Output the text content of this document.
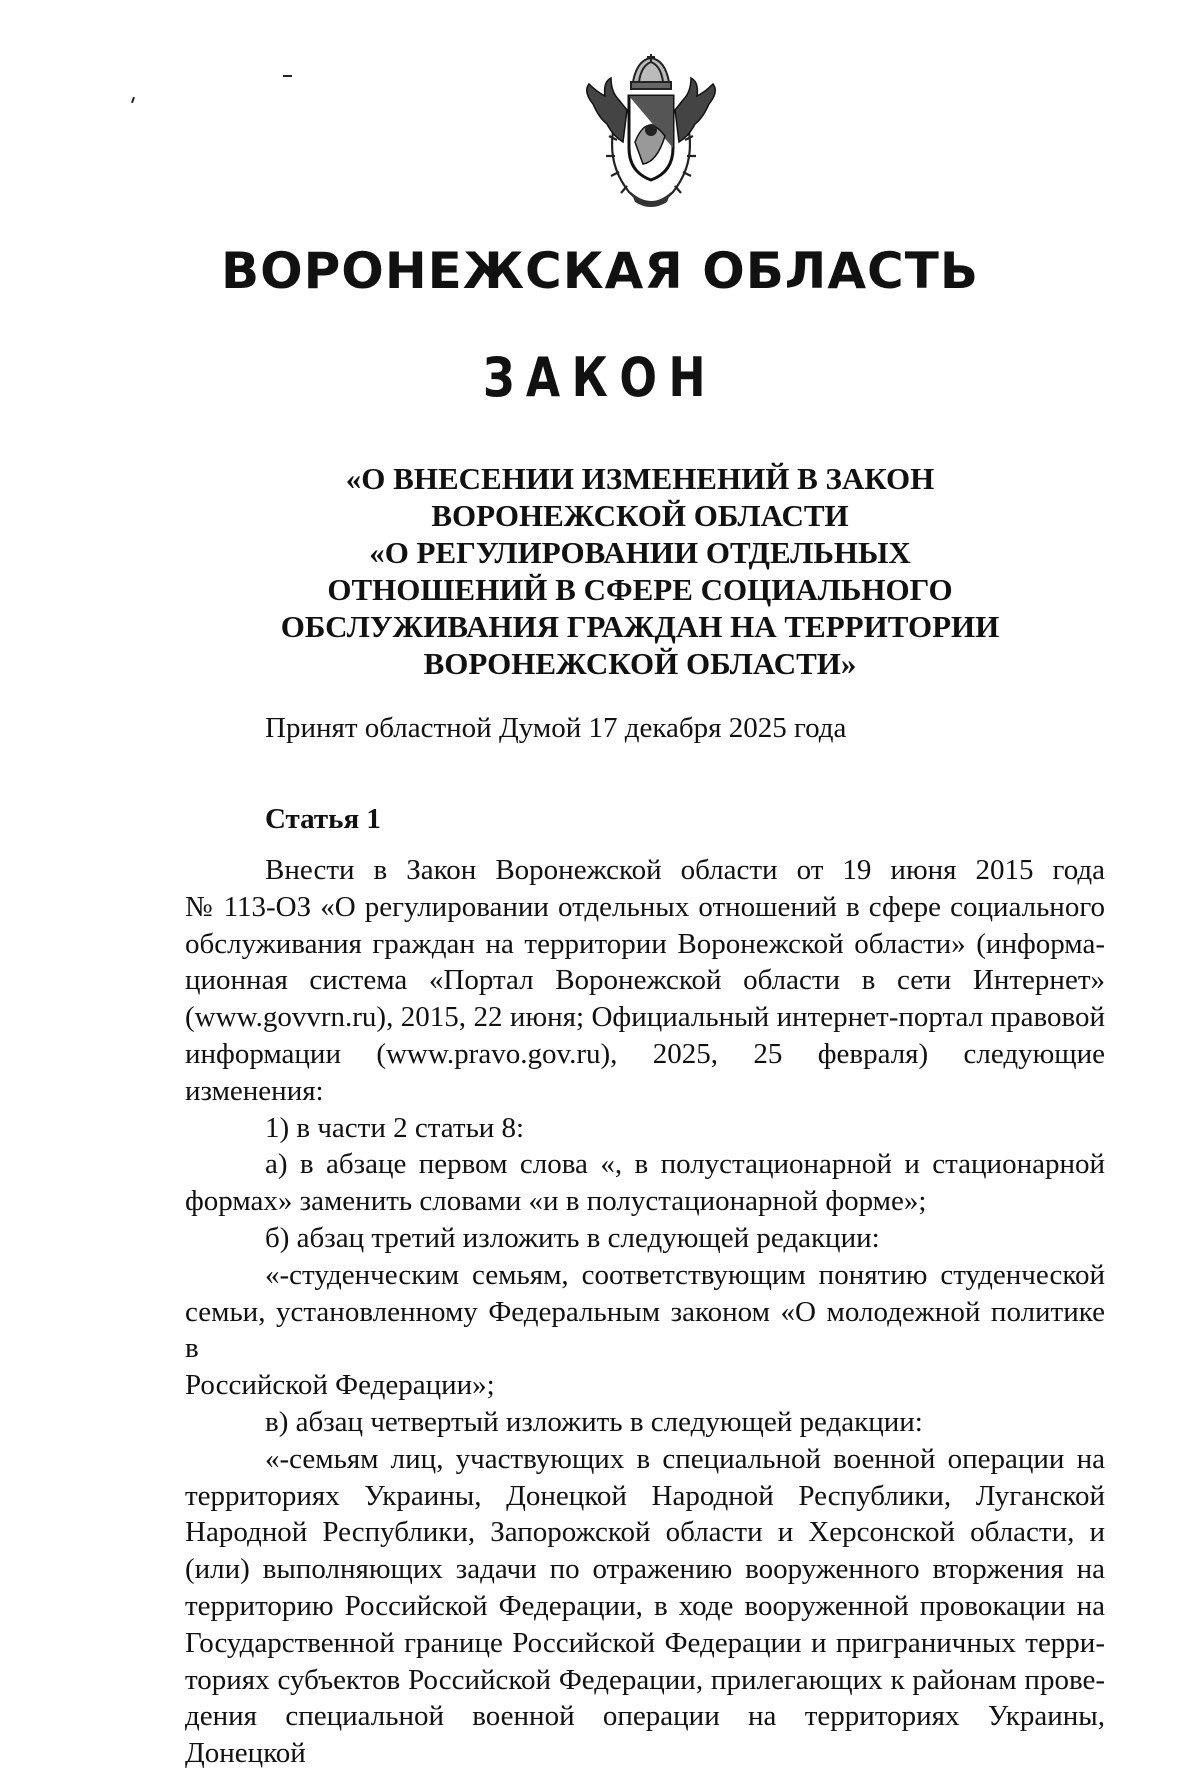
ВОРОНЕЖСКАЯ ОБЛАСТЬ
ЗАКОН
«О ВНЕСЕНИИ ИЗМЕНЕНИЙ В ЗАКОН
ВОРОНЕЖСКОЙ ОБЛАСТИ
«О РЕГУЛИРОВАНИИ ОТДЕЛЬНЫХ
ОТНОШЕНИЙ В СФЕРЕ СОЦИАЛЬНОГО
ОБСЛУЖИВАНИЯ ГРАЖДАН НА ТЕРРИТОРИИ
ВОРОНЕЖСКОЙ ОБЛАСТИ»
Принят областной Думой 17 декабря 2025 года
Статья 1
Внести в Закон Воронежской области от 19 июня 2015 года
№ 113-ОЗ «О регулировании отдельных отношений в сфере социального
обслуживания граждан на территории Воронежской области» (информа-
ционная система «Портал Воронежской области в сети Интернет»
(www.govvrn.ru), 2015, 22 июня; Официальный интернет-портал правовой
информации (www.pravo.gov.ru), 2025, 25 февраля) следующие изменения:
1) в части 2 статьи 8:
а) в абзаце первом слова «, в полустационарной и стационарной
формах» заменить словами «и в полустационарной форме»;
б) абзац третий изложить в следующей редакции:
«-студенческим семьям, соответствующим понятию студенческой
семьи, установленному Федеральным законом «О молодежной политике в
Российской Федерации»;
в) абзац четвертый изложить в следующей редакции:
«-семьям лиц, участвующих в специальной военной операции на
территориях Украины, Донецкой Народной Республики, Луганской
Народной Республики, Запорожской области и Херсонской области, и
(или) выполняющих задачи по отражению вооруженного вторжения на
территорию Российской Федерации, в ходе вооруженной провокации на
Государственной границе Российской Федерации и приграничных терри-
ториях субъектов Российской Федерации, прилегающих к районам прове-
дения специальной военной операции на территориях Украины, Донецкой
